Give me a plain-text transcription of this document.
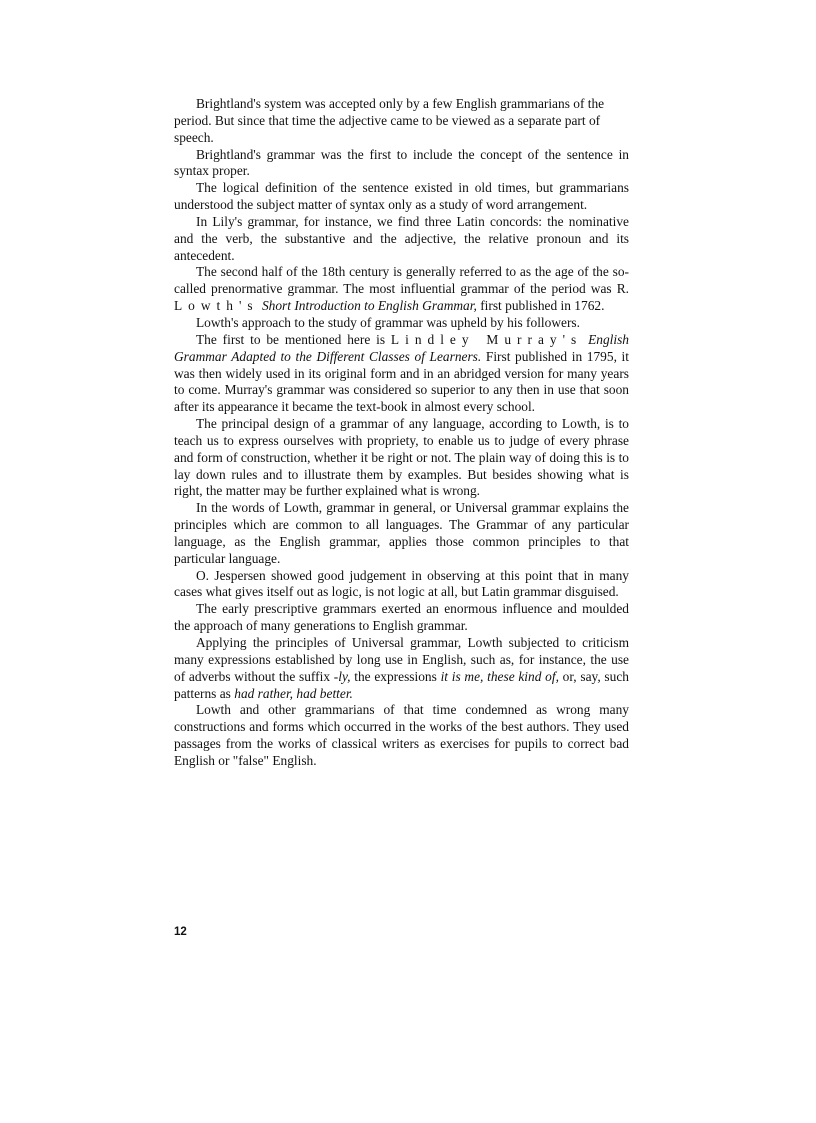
Brightland's system was accepted only by a few English grammarians of the period. But since that time the adjective came to be viewed as a separate part of speech.

Brightland's grammar was the first to include the concept of the sentence in syntax proper.

The logical definition of the sentence existed in old times, but grammarians understood the subject matter of syntax only as a study of word arrangement.

In Lily's grammar, for instance, we find three Latin concords: the nominative and the verb, the substantive and the adjective, the relative pronoun and its antecedent.

The second half of the 18th century is generally referred to as the age of the so-called prenormative grammar. The most influential grammar of the period was R. Lowth's Short Introduction to English Grammar, first published in 1762.

Lowth's approach to the study of grammar was upheld by his followers.

The first to be mentioned here is Lindley Murray's English Grammar Adapted to the Different Classes of Learners. First published in 1795, it was then widely used in its original form and in an abridged version for many years to come. Murray's grammar was considered so superior to any then in use that soon after its appearance it became the text-book in almost every school.

The principal design of a grammar of any language, according to Lowth, is to teach us to express ourselves with propriety, to enable us to judge of every phrase and form of construction, whether it be right or not. The plain way of doing this is to lay down rules and to illustrate them by examples. But besides showing what is right, the matter may be further explained what is wrong.

In the words of Lowth, grammar in general, or Universal grammar explains the principles which are common to all languages. The Grammar of any particular language, as the English grammar, applies those common principles to that particular language.

O. Jespersen showed good judgement in observing at this point that in many cases what gives itself out as logic, is not logic at all, but Latin grammar disguised.

The early prescriptive grammars exerted an enormous influence and moulded the approach of many generations to English grammar.

Applying the principles of Universal grammar, Lowth subjected to criticism many expressions established by long use in English, such as, for instance, the use of adverbs without the suffix -ly, the expressions it is me, these kind of, or, say, such patterns as had rather, had better.

Lowth and other grammarians of that time condemned as wrong many constructions and forms which occurred in the works of the best authors. They used passages from the works of classical writers as exercises for pupils to correct bad English or "false" English.

12
